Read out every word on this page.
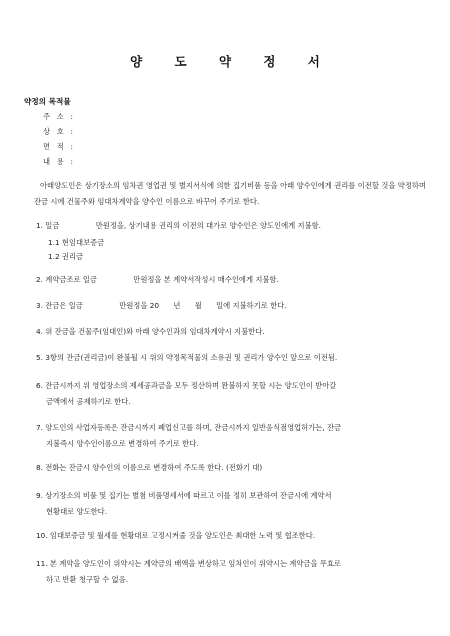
양 도 약 정 서
약정의 목적물
주 소 :
상 호 :
면 적 :
내 용 :
아래양도인은 상기장소의 임차권 영업권 및 별지서식에 의한 집기비품 등을 아래 양수인에게 권리를 이전할 것을 약정하며 잔금 시에 건물주와 임대차계약을 양수인 이름으로 바꾸어 주기로 한다.
1. 일금	만원정을, 상기내용 권리의 이전의 대가로 양수인은 양도인에게 지불함.
1.1 현임대보증금
1.2 권리금
2. 계약금조로 일금	만원정을 본 계약서작성시 매수인에게 지불함.
3. 잔금은 일금	만원정을 20 년 월 일에 지불하기로 한다.
4. 위 잔금을 건물주(임대인)와 아래 양수인과의 임대차계약시 지불한다.
5. 3항의 잔금(권리금)이 완불될 시 위의 약정목적물의 소유권 및 권리가 양수인 앞으로 이전됨.
6. 잔금시까지 위 영업장소의 제세공과금을 모두 정산하며 완불하지 못할 시는 양도인이 받아갈
금액에서 공제하기로 한다.
7. 양도인의 사업자등록은 잔금시까지 폐업신고를 하며, 잔금시까지 일반음식점영업허가는, 잔금
지불즉시 양수인이름으로 변경하여 주기로 한다.
8. 전화는 잔금시 양수인의 이름으로 변경하여 주도록 한다. (전화기 대)
9. 상기장소의 비품 및 집기는 별첨 비품명세서에 따르고 이를 정히 보관하여 잔금시에 계약서
현황대로 양도한다.
10. 임대보증금 및 월세를 현황대로 고정시켜줄 것을 양도인은 최대한 노력 및 협조한다.
11. 본 계약을 양도인이 위약시는 계약금의 배액을 변상하고 임차인이 위약시는 계약금을 무효로
하고 반환 청구할 수 없음.
